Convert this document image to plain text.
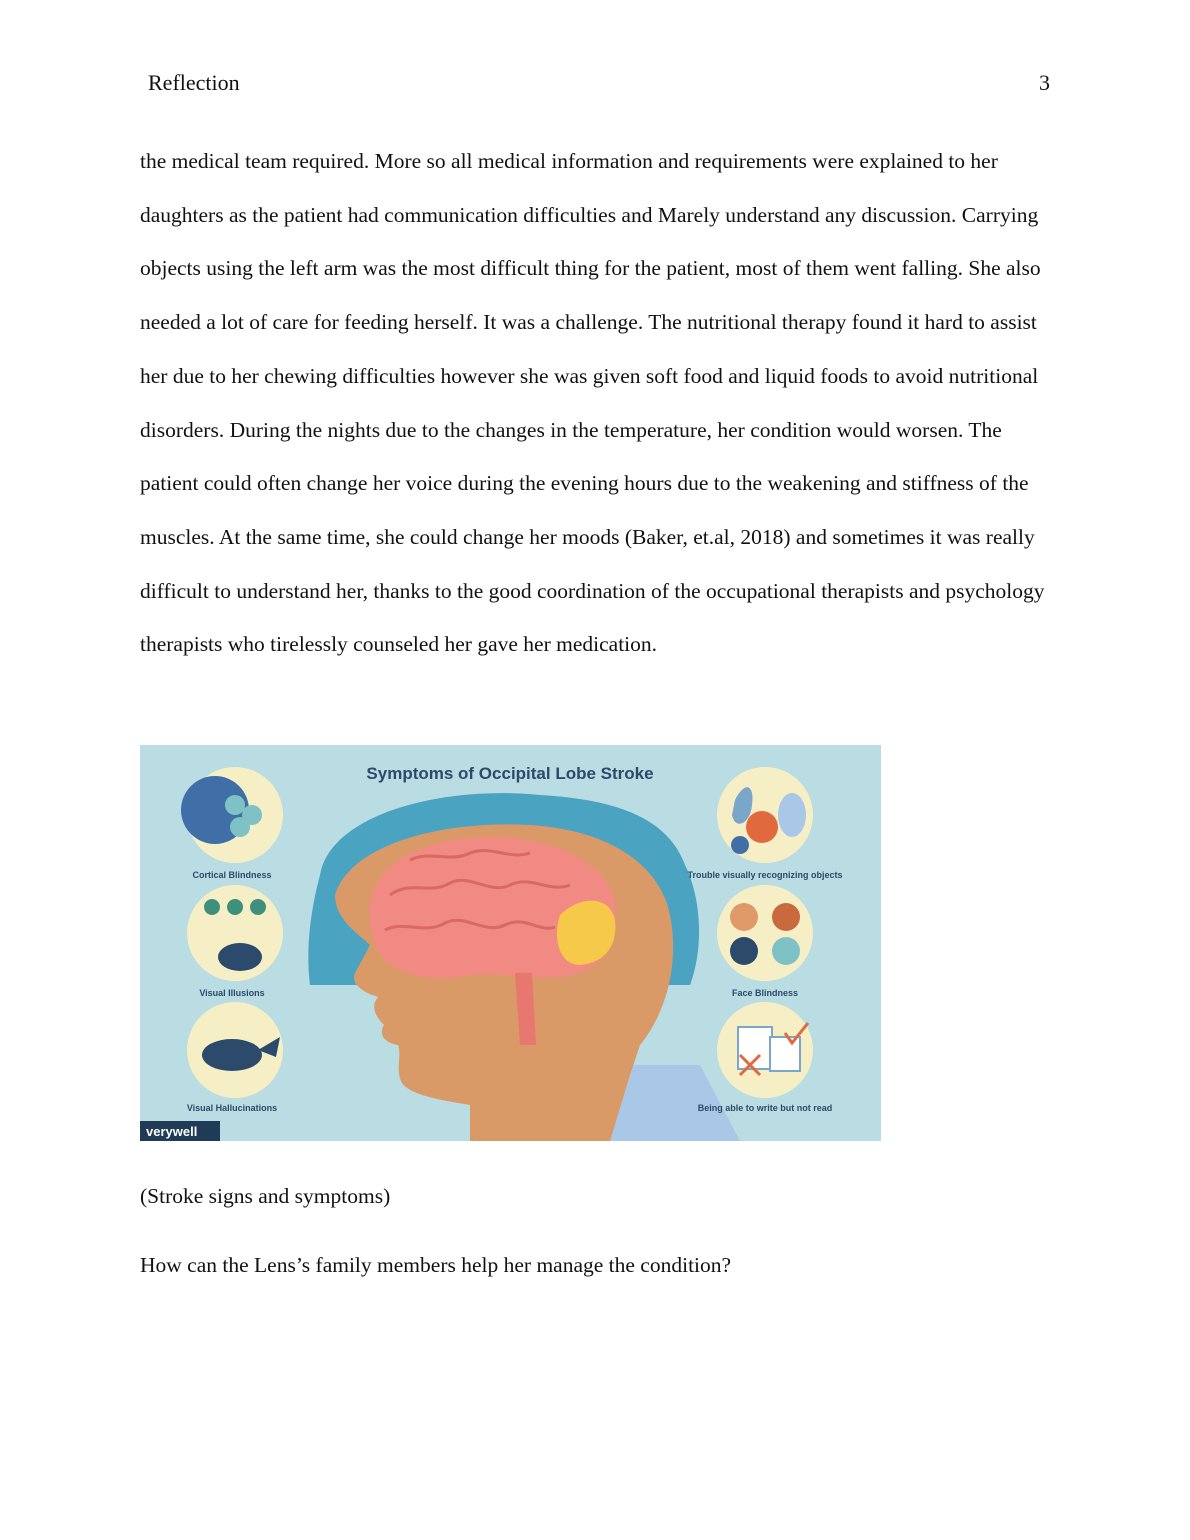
Reflection	3

the medical team required. More so all medical information and requirements were explained to her daughters as the patient had communication difficulties and Marely understand any discussion. Carrying objects using the left arm was the most difficult thing for the patient, most of them went falling. She also needed a lot of care for feeding herself. It was a challenge. The nutritional therapy found it hard to assist her due to her chewing difficulties however she was given soft food and liquid foods to avoid nutritional disorders. During the nights due to the changes in the temperature, her condition would worsen. The patient could often change her voice during the evening hours due to the weakening and stiffness of the muscles. At the same time, she could change her moods (Baker, et.al, 2018) and sometimes it was really difficult to understand her, thanks to the good coordination of the occupational therapists and psychology therapists who tirelessly counseled her gave her medication.

Symptoms of Occipital Lobe Stroke
Cortical Blindness
Visual Illusions
Visual Hallucinations
Trouble visually recognizing objects
Face Blindness
Being able to write but not read
verywell
(Stroke signs and symptoms)
How can the Lens’s family members help her manage the condition?
